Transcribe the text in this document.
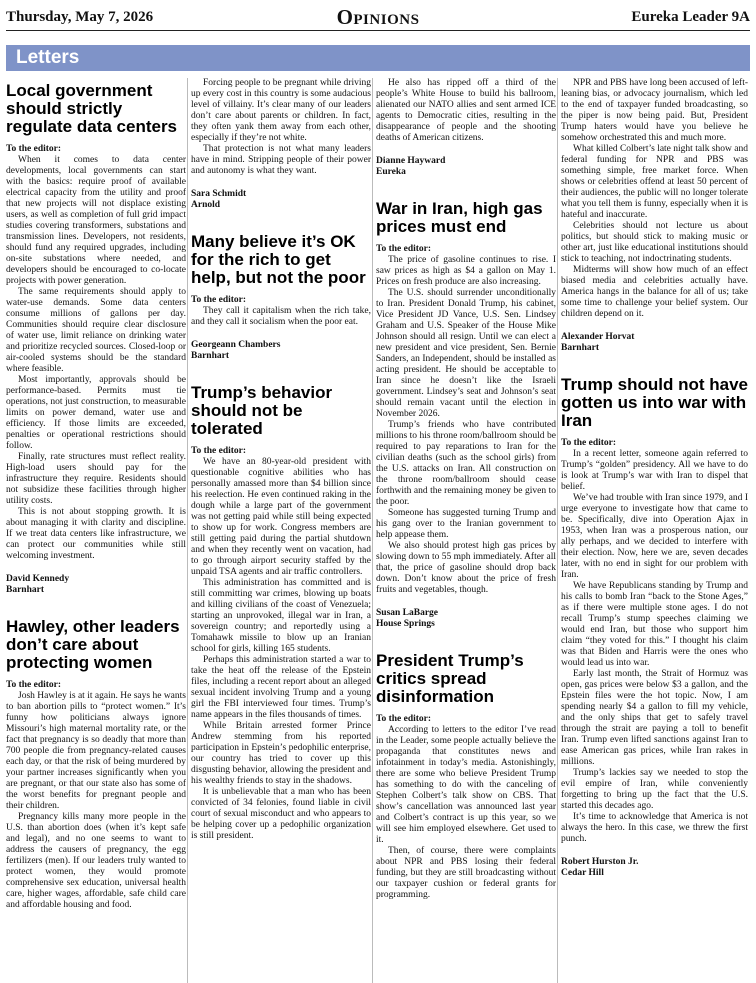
Thursday, May 7, 2026	Opinions	Eureka Leader 9A
Letters
Local government should strictly regulate data centers
To the editor:

When it comes to data center developments, local governments can start with the basics: require proof of available electrical capacity from the utility and proof that new projects will not displace existing users, as well as completion of full grid impact studies covering transformers, substations and transmission lines. Developers, not residents, should fund any required upgrades, including on-site substations where needed, and developers should be encouraged to co-locate projects with power generation.

The same requirements should apply to water-use demands. Some data centers consume millions of gallons per day. Communities should require clear disclosure of water use, limit reliance on drinking water and prioritize recycled sources. Closed-loop or air-cooled systems should be the standard where feasible.

Most importantly, approvals should be performance-based. Permits must tie operations, not just construction, to measurable limits on power demand, water use and efficiency. If those limits are exceeded, penalties or operational restrictions should follow.

Finally, rate structures must reflect reality. High-load users should pay for the infrastructure they require. Residents should not subsidize these facilities through higher utility costs.

This is not about stopping growth. It is about managing it with clarity and discipline. If we treat data centers like infrastructure, we can protect our communities while still welcoming investment.

David Kennedy
Barnhart
Hawley, other leaders don’t care about protecting women
To the editor:

Josh Hawley is at it again. He says he wants to ban abortion pills to “protect women.” It’s funny how politicians always ignore Missouri’s high maternal mortality rate, or the fact that pregnancy is so deadly that more than 700 people die from pregnancy-related causes each day, or that the risk of being murdered by your partner increases significantly when you are pregnant, or that our state also has some of the worst benefits for pregnant people and their children.

Pregnancy kills many more people in the U.S. than abortion does (when it’s kept safe and legal), and no one seems to want to address the causers of pregnancy, the egg fertilizers (men). If our leaders truly wanted to protect women, they would promote comprehensive sex education, universal health care, higher wages, affordable, safe child care and affordable housing and food.

Forcing people to be pregnant while driving up every cost in this country is some audacious level of villainy. It’s clear many of our leaders don’t care about parents or children. In fact, they often yank them away from each other, especially if they’re not white.

That protection is not what many leaders have in mind. Stripping people of their power and autonomy is what they want.

Sara Schmidt
Arnold
Many believe it’s OK for the rich to get help, but not the poor
To the editor:

They call it capitalism when the rich take, and they call it socialism when the poor eat.

Georgeann Chambers
Barnhart
Trump’s behavior should not be tolerated
To the editor:

We have an 80-year-old president with questionable cognitive abilities who has personally amassed more than $4 billion since his reelection. He even continued raking in the dough while a large part of the government was not getting paid while still being expected to show up for work. Congress members are still getting paid during the partial shutdown and when they recently went on vacation, had to go through airport security staffed by the unpaid TSA agents and air traffic controllers.

This administration has committed and is still committing war crimes, blowing up boats and killing civilians of the coast of Venezuela; starting an unprovoked, illegal war in Iran, a sovereign country; and reportedly using a Tomahawk missile to blow up an Iranian school for girls, killing 165 students.

Perhaps this administration started a war to take the heat off the release of the Epstein files, including a recent report about an alleged sexual incident involving Trump and a young girl the FBI interviewed four times. Trump’s name appears in the files thousands of times.

While Britain arrested former Prince Andrew stemming from his reported participation in Epstein’s pedophilic enterprise, our country has tried to cover up this disgusting behavior, allowing the president and his wealthy friends to stay in the shadows.

It is unbelievable that a man who has been convicted of 34 felonies, found liable in civil court of sexual misconduct and who appears to be helping cover up a pedophilic organization is still president.

He also has ripped off a third of the people’s White House to build his ballroom, alienated our NATO allies and sent armed ICE agents to Democratic cities, resulting in the disappearance of people and the shooting deaths of American citizens.

Dianne Hayward
Eureka
War in Iran, high gas prices must end
To the editor:

The price of gasoline continues to rise. I saw prices as high as $4 a gallon on May 1. Prices on fresh produce are also increasing.

The U.S. should surrender unconditionally to Iran. President Donald Trump, his cabinet, Vice President JD Vance, U.S. Sen. Lindsey Graham and U.S. Speaker of the House Mike Johnson should all resign. Until we can elect a new president and vice president, Sen. Bernie Sanders, an Independent, should be installed as acting president. He should be acceptable to Iran since he doesn’t like the Israeli government. Lindsey’s seat and Johnson’s seat should remain vacant until the election in November 2026.

Trump’s friends who have contributed millions to his throne room/ballroom should be required to pay reparations to Iran for the civilian deaths (such as the school girls) from the U.S. attacks on Iran. All construction on the throne room/ballroom should cease forthwith and the remaining money be given to the poor.

Someone has suggested turning Trump and his gang over to the Iranian government to help appease them.

We also should protest high gas prices by slowing down to 55 mph immediately. After all that, the price of gasoline should drop back down. Don’t know about the price of fresh fruits and vegetables, though.

Susan LaBarge
House Springs
President Trump’s critics spread disinformation
To the editor:

According to letters to the editor I’ve read in the Leader, some people actually believe the propaganda that constitutes news and infotainment in today’s media. Astonishingly, there are some who believe President Trump has something to do with the canceling of Stephen Colbert’s talk show on CBS. That show’s cancellation was announced last year and Colbert’s contract is up this year, so we will see him employed elsewhere. Get used to it.

Then, of course, there were complaints about NPR and PBS losing their federal funding, but they are still broadcasting without our taxpayer cushion or federal grants for programming.

NPR and PBS have long been accused of left-leaning bias, or advocacy journalism, which led to the end of taxpayer funded broadcasting, so the piper is now being paid. But, President Trump haters would have you believe he somehow orchestrated this and much more.

What killed Colbert’s late night talk show and federal funding for NPR and PBS was something simple, free market force. When shows or celebrities offend at least 50 percent of their audiences, the public will no longer tolerate what you tell them is funny, especially when it is hateful and inaccurate.

Celebrities should not lecture us about politics, but should stick to making music or other art, just like educational institutions should stick to teaching, not indoctrinating students.

Midterms will show how much of an effect biased media and celebrities actually have. America hangs in the balance for all of us; take some time to challenge your belief system. Our children depend on it.

Alexander Horvat
Barnhart
Trump should not have gotten us into war with Iran
To the editor:

In a recent letter, someone again referred to Trump’s “golden” presidency. All we have to do is look at Trump’s war with Iran to dispel that belief.

We’ve had trouble with Iran since 1979, and I urge everyone to investigate how that came to be. Specifically, dive into Operation Ajax in 1953, when Iran was a prosperous nation, our ally perhaps, and we decided to interfere with their election. Now, here we are, seven decades later, with no end in sight for our problem with Iran.

We have Republicans standing by Trump and his calls to bomb Iran “back to the Stone Ages,” as if there were multiple stone ages. I do not recall Trump’s stump speeches claiming we would end Iran, but those who support him claim “they voted for this.” I thought his claim was that Biden and Harris were the ones who would lead us into war.

Early last month, the Strait of Hormuz was open, gas prices were below $3 a gallon, and the Epstein files were the hot topic. Now, I am spending nearly $4 a gallon to fill my vehicle, and the only ships that get to safely travel through the strait are paying a toll to benefit Iran. Trump even lifted sanctions against Iran to ease American gas prices, while Iran rakes in millions.

Trump’s lackies say we needed to stop the evil empire of Iran, while conveniently forgetting to bring up the fact that the U.S. started this decades ago.

It’s time to acknowledge that America is not always the hero. In this case, we threw the first punch.

Robert Hurston Jr.
Cedar Hill
